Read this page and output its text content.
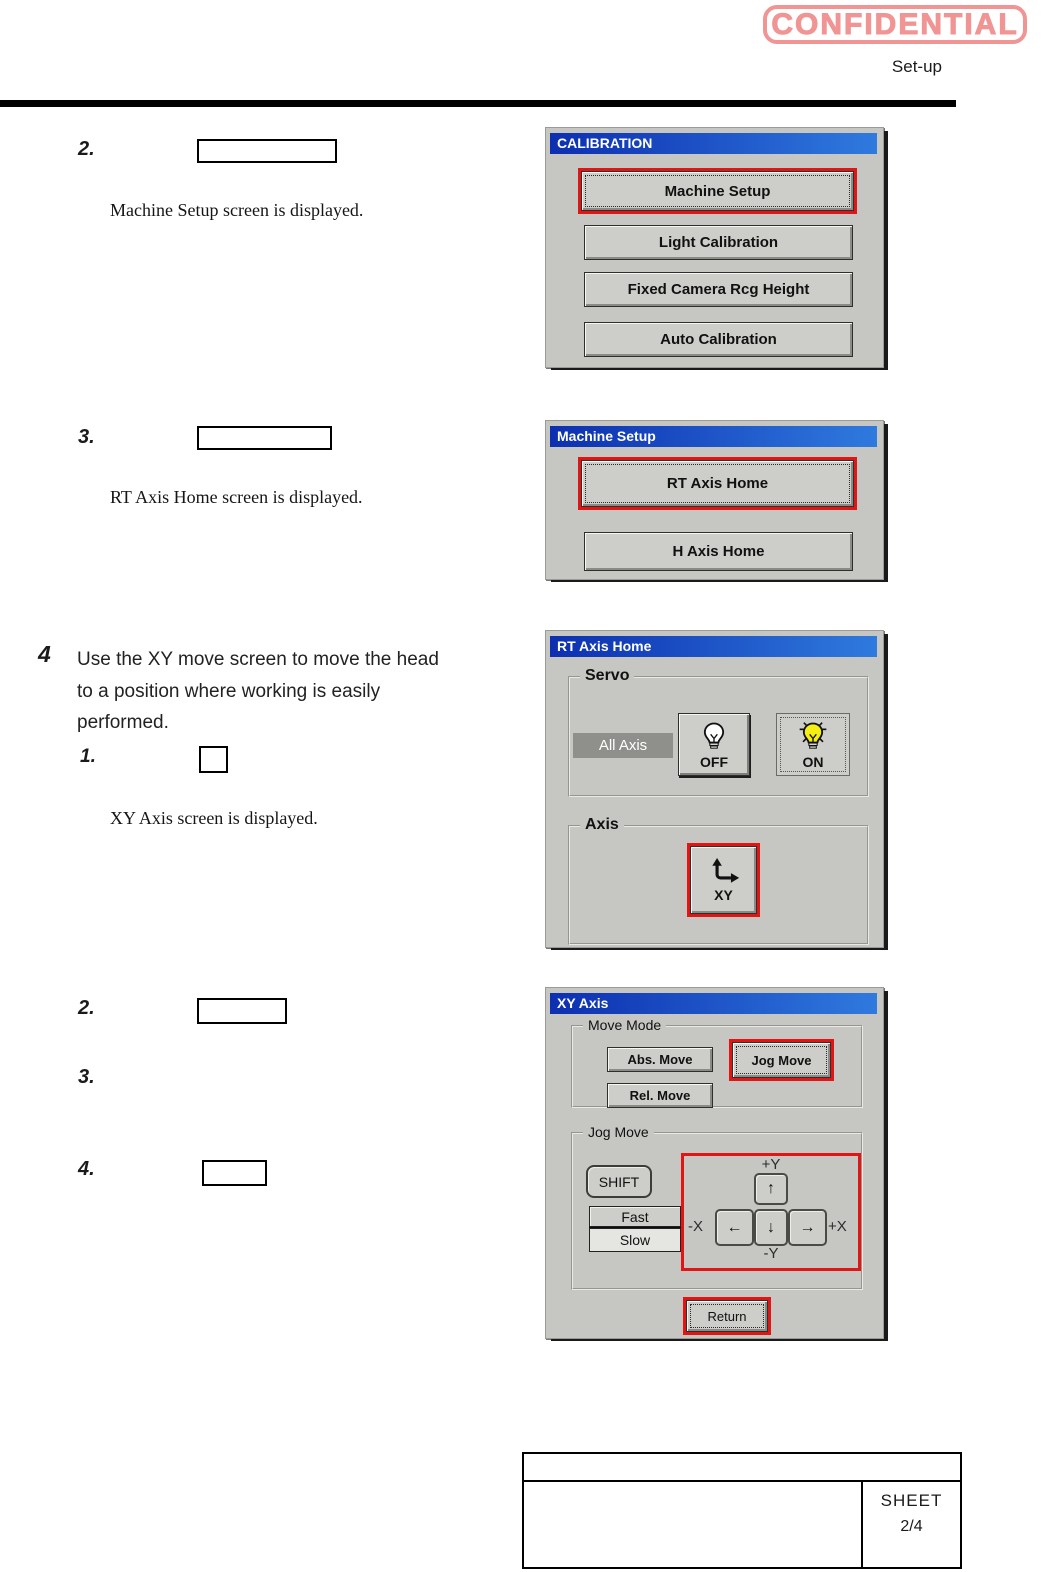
CONFIDENTIAL
Set-up
2.
Machine Setup screen is displayed.
3.
RT Axis Home screen is displayed.
4 Use the XY move screen to move the head
to a position where working is easily
performed.
1.
XY Axis screen is displayed.
2.
3.
4.
CALIBRATION
Machine Setup
Light Calibration
Fixed Camera Rcg Height
Auto Calibration
Machine Setup
RT Axis Home
H Axis Home
RT Axis Home
Servo
All Axis
OFF	ON
Axis
XY
XY Axis
Move Mode
Abs. Move	Jog Move
Rel. Move
Jog Move
SHIFT
Fast
Slow
+Y
↑
-X ← ↓ → +X
-Y
Return
SHEET
2/4
